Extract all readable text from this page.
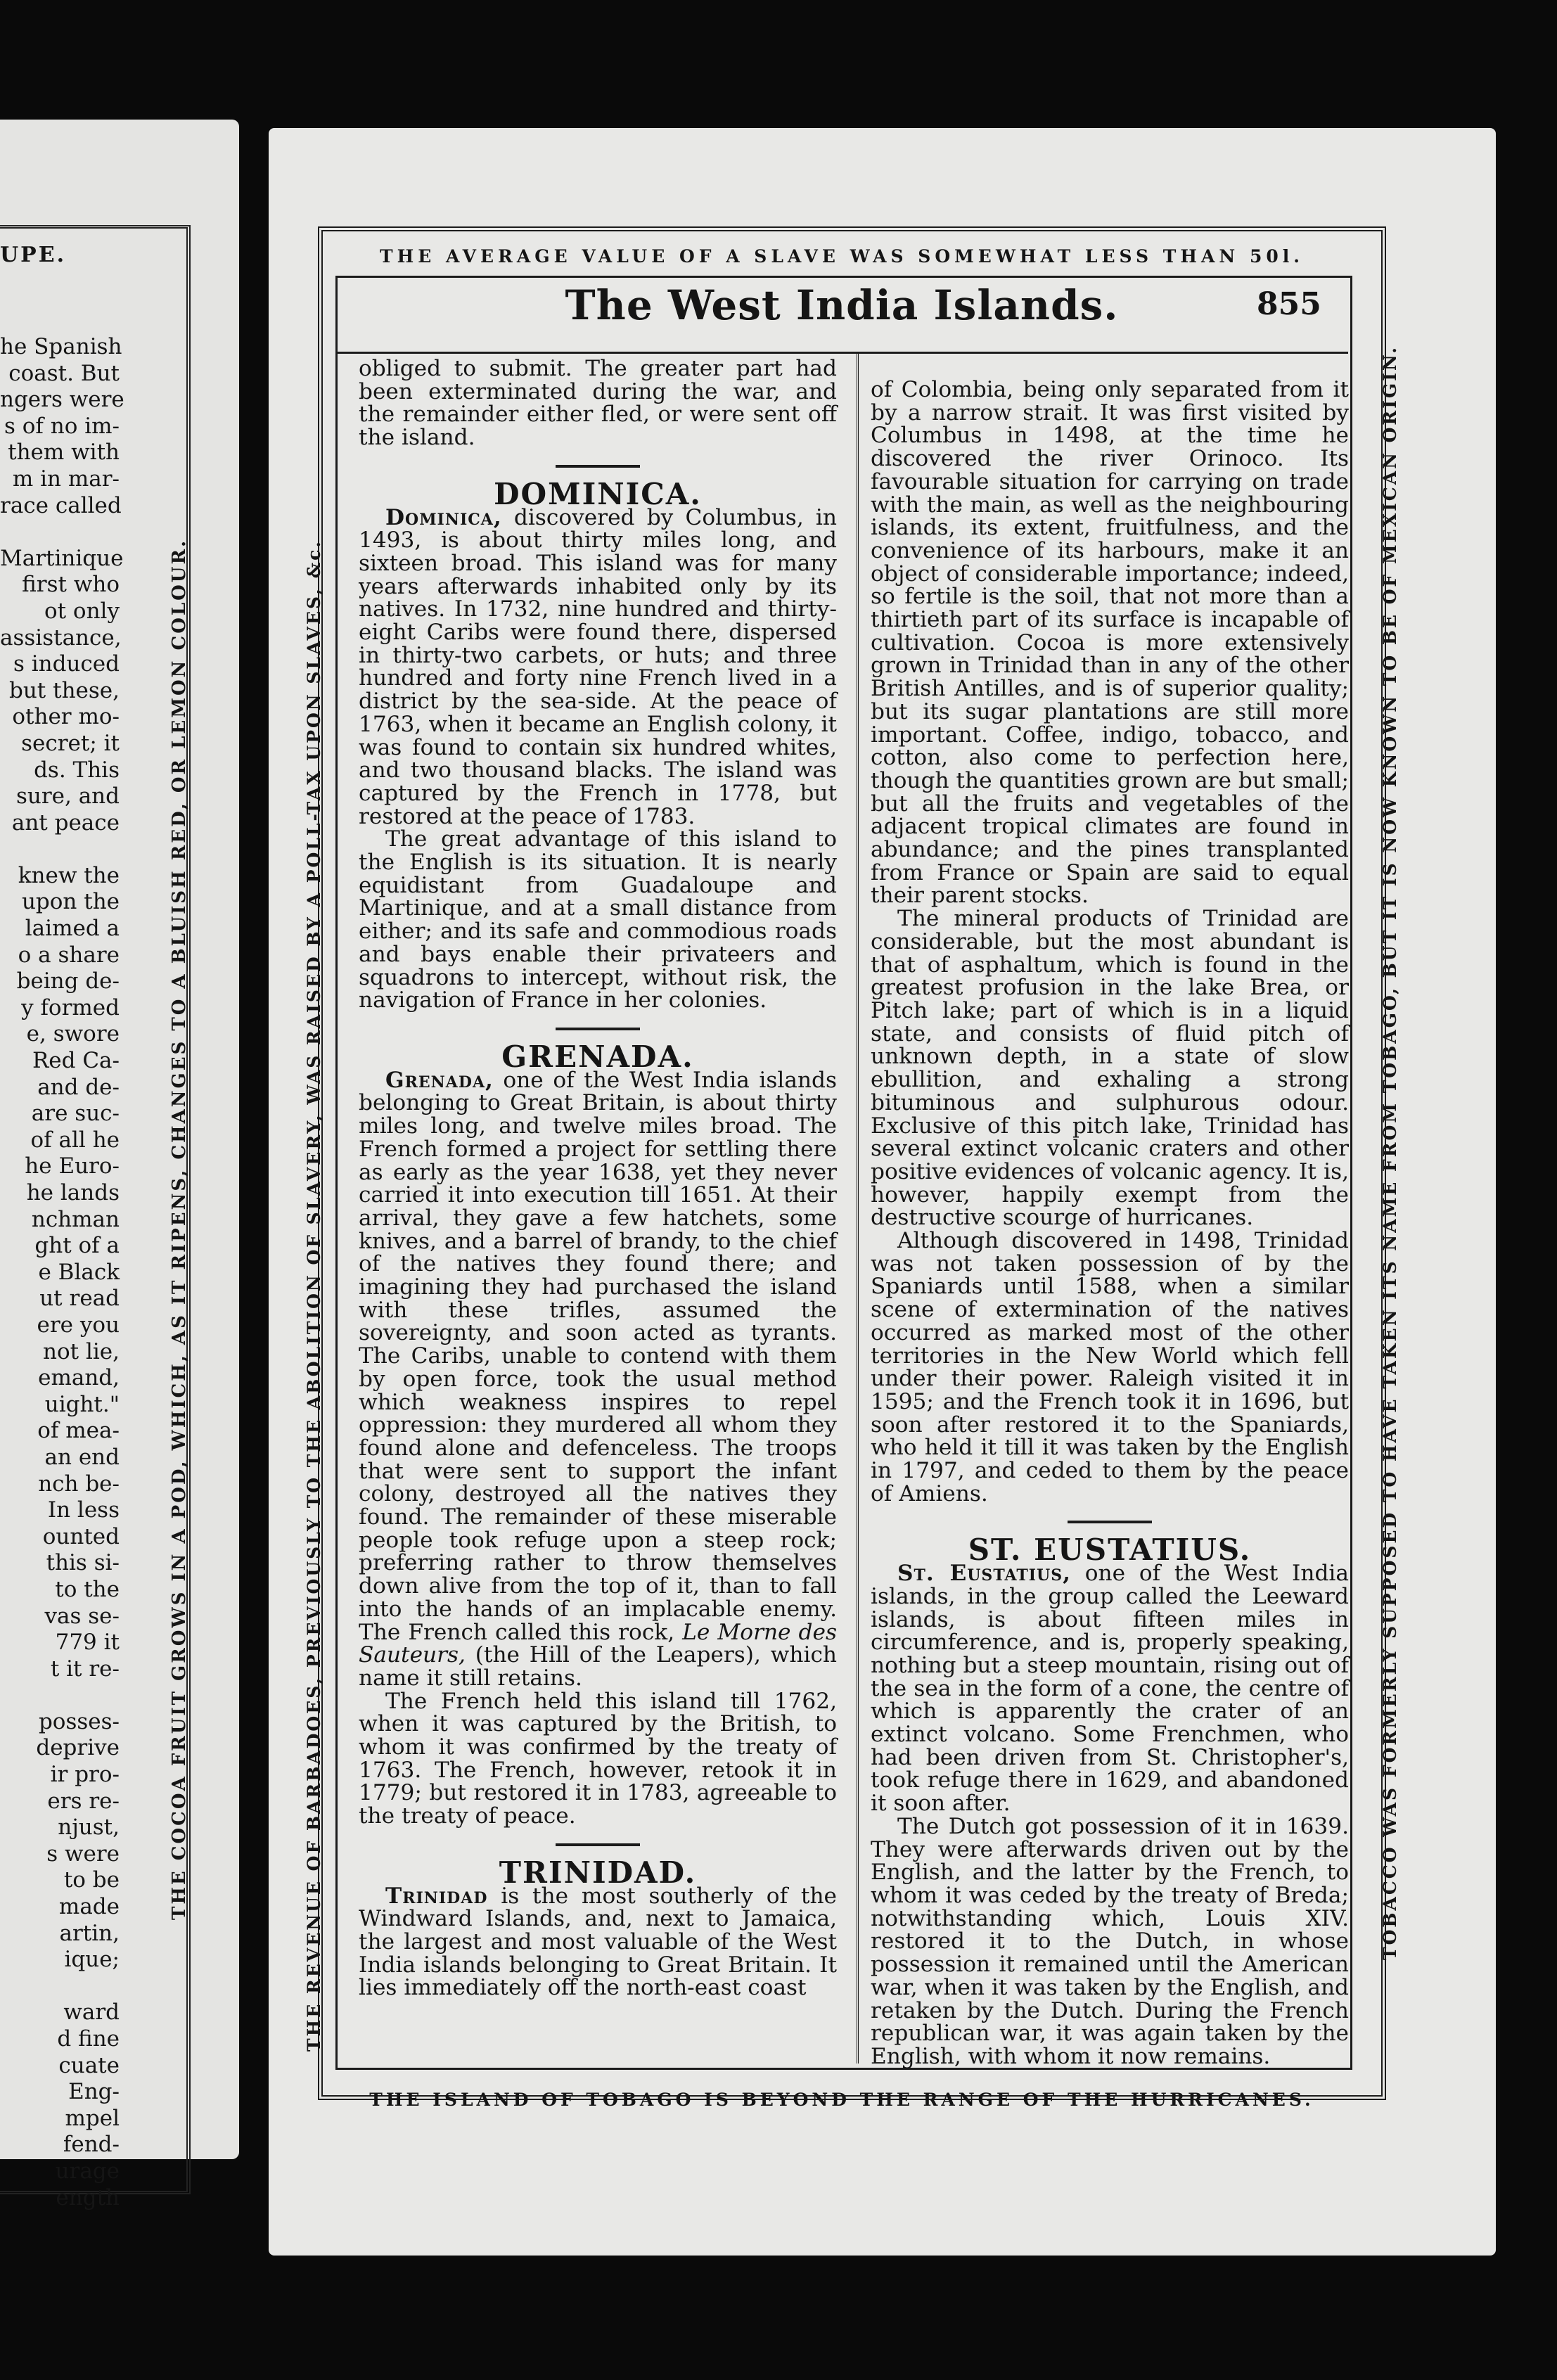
UPE.
he Spanish
coast. But
ngers were
s of no im-
them with
m in mar-
race called

Martinique
first who
ot only
assistance,
s induced
but these,
other mo-
secret; it
ds. This
sure, and
ant peace

knew the
upon the
laimed a
o a share
being de-
y formed
e, swore
Red Ca-
and de-
are suc-
of all he
he Euro-
he lands
nchman
ght of a
e Black
ut read
ere you
not lie,
emand,
uight."
of mea-
an end
nch be-
In less
ounted
this si-
to the
vas se-
779 it
t it re-

posses-
deprive
ir pro-
ers re-
njust,
s were
to be
made
artin,
ique;

ward
d fine
cuate
Eng-
mpel
fend-
urage
ength
THE COCOA FRUIT GROWS IN A POD, WHICH, AS IT RIPENS, CHANGES TO A BLUISH RED, OR LEMON COLOUR.
THE AVERAGE VALUE OF A SLAVE WAS SOMEWHAT LESS THAN 50l.
The West India Islands.	855

obliged to submit. The greater part had been exterminated during the war, and the remainder either fled, or were sent off the island.

DOMINICA.

Dominica, discovered by Columbus, in 1493, is about thirty miles long, and sixteen broad. This island was for many years afterwards inhabited only by its natives. In 1732, nine hundred and thirty-eight Caribs were found there, dispersed in thirty-two carbets, or huts; and three hundred and forty nine French lived in a district by the sea-side. At the peace of 1763, when it became an English colony, it was found to contain six hundred whites, and two thousand blacks. The island was captured by the French in 1778, but restored at the peace of 1783.

The great advantage of this island to the English is its situation. It is nearly equidistant from Guadaloupe and Martinique, and at a small distance from either; and its safe and commodious roads and bays enable their privateers and squadrons to intercept, without risk, the navigation of France in her colonies.

GRENADA.

Grenada, one of the West India islands belonging to Great Britain, is about thirty miles long, and twelve miles broad. The French formed a project for settling there as early as the year 1638, yet they never carried it into execution till 1651. At their arrival, they gave a few hatchets, some knives, and a barrel of brandy, to the chief of the natives they found there; and imagining they had purchased the island with these trifles, assumed the sovereignty, and soon acted as tyrants. The Caribs, unable to contend with them by open force, took the usual method which weakness inspires to repel oppression: they murdered all whom they found alone and defenceless. The troops that were sent to support the infant colony, destroyed all the natives they found. The remainder of these miserable people took refuge upon a steep rock; preferring rather to throw themselves down alive from the top of it, than to fall into the hands of an implacable enemy. The French called this rock, Le Morne des Sauteurs, (the Hill of the Leapers), which name it still retains.

The French held this island till 1762, when it was captured by the British, to whom it was confirmed by the treaty of 1763. The French, however, retook it in 1779; but restored it in 1783, agreeable to the treaty of peace.

TRINIDAD.

Trinidad is the most southerly of the Windward Islands, and, next to Jamaica, the largest and most valuable of the West India islands belonging to Great Britain. It lies immediately off the north-east coast

of Colombia, being only separated from it by a narrow strait. It was first visited by Columbus in 1498, at the time he discovered the river Orinoco. Its favourable situation for carrying on trade with the main, as well as the neighbouring islands, its extent, fruitfulness, and the convenience of its harbours, make it an object of considerable importance; indeed, so fertile is the soil, that not more than a thirtieth part of its surface is incapable of cultivation. Cocoa is more extensively grown in Trinidad than in any of the other British Antilles, and is of superior quality; but its sugar plantations are still more important. Coffee, indigo, tobacco, and cotton, also come to perfection here, though the quantities grown are but small; but all the fruits and vegetables of the adjacent tropical climates are found in abundance; and the pines transplanted from France or Spain are said to equal their parent stocks.

The mineral products of Trinidad are considerable, but the most abundant is that of asphaltum, which is found in the greatest profusion in the lake Brea, or Pitch lake; part of which is in a liquid state, and consists of fluid pitch of unknown depth, in a state of slow ebullition, and exhaling a strong bituminous and sulphurous odour. Exclusive of this pitch lake, Trinidad has several extinct volcanic craters and other positive evidences of volcanic agency. It is, however, happily exempt from the destructive scourge of hurricanes.

Although discovered in 1498, Trinidad was not taken possession of by the Spaniards until 1588, when a similar scene of extermination of the natives occurred as marked most of the other territories in the New World which fell under their power. Raleigh visited it in 1595; and the French took it in 1696, but soon after restored it to the Spaniards, who held it till it was taken by the English in 1797, and ceded to them by the peace of Amiens.

ST. EUSTATIUS.

St. Eustatius, one of the West India islands, in the group called the Leeward islands, is about fifteen miles in circumference, and is, properly speaking, nothing but a steep mountain, rising out of the sea in the form of a cone, the centre of which is apparently the crater of an extinct volcano. Some Frenchmen, who had been driven from St. Christopher's, took refuge there in 1629, and abandoned it soon after.

The Dutch got possession of it in 1639. They were afterwards driven out by the English, and the latter by the French, to whom it was ceded by the treaty of Breda; notwithstanding which, Louis XIV. restored it to the Dutch, in whose possession it remained until the American war, when it was taken by the English, and retaken by the Dutch. During the French republican war, it was again taken by the English, with whom it now remains.

THE ISLAND OF TOBAGO IS BEYOND THE RANGE OF THE HURRICANES.
THE REVENUE OF BARBADOES, PREVIOUSLY TO THE ABOLITION OF SLAVERY, WAS RAISED BY A POLL-TAX UPON SLAVES, &c.	TOBACCO WAS FORMERLY SUPPOSED TO HAVE TAKEN ITS NAME FROM TOBAGO, BUT IT IS NOW KNOWN TO BE OF MEXICAN ORIGIN.
